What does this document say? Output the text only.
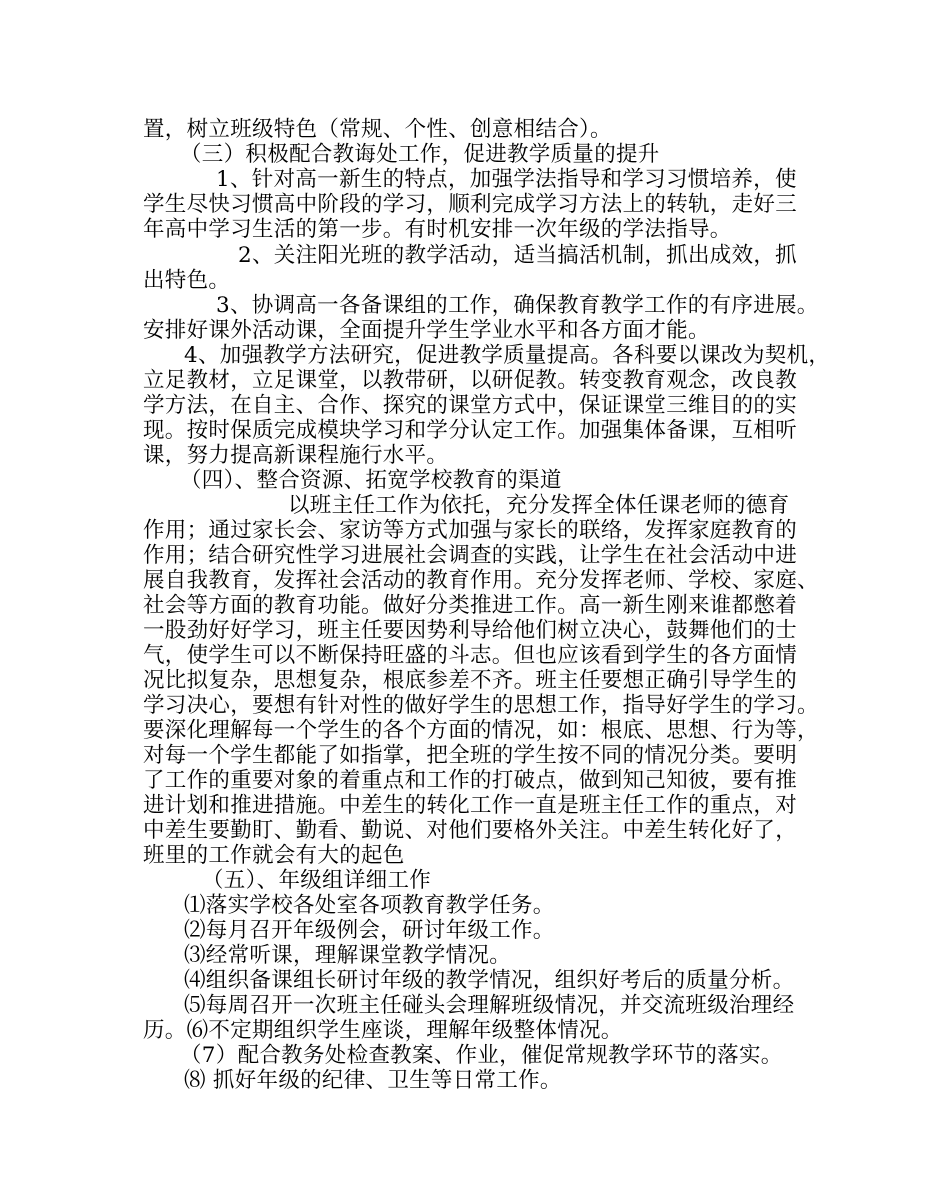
置，树立班级特色（常规、个性、创意相结合）。
（三）积极配合教诲处工作，促进教学质量的提升
1、针对高一新生的特点，加强学法指导和学习习惯培养，使
学生尽快习惯高中阶段的学习，顺利完成学习方法上的转轨，走好三
年高中学习生活的第一步。有时机安排一次年级的学法指导。
2、关注阳光班的教学活动，适当搞活机制，抓出成效，抓
出特色。
3、协调高一各备课组的工作，确保教育教学工作的有序进展。
安排好课外活动课，全面提升学生学业水平和各方面才能。
4、加强教学方法研究，促进教学质量提高。各科要以课改为契机，
立足教材，立足课堂，以教带研，以研促教。转变教育观念，改良教
学方法，在自主、合作、探究的课堂方式中，保证课堂三维目的的实
现。按时保质完成模块学习和学分认定工作。加强集体备课，互相听
课，努力提高新课程施行水平。
（四）、整合资源、拓宽学校教育的渠道
以班主任工作为依托，充分发挥全体任课老师的德育
作用；通过家长会、家访等方式加强与家长的联络，发挥家庭教育的
作用；结合研究性学习进展社会调查的实践，让学生在社会活动中进
展自我教育，发挥社会活动的教育作用。充分发挥老师、学校、家庭、
社会等方面的教育功能。做好分类推进工作。高一新生刚来谁都憋着
一股劲好好学习，班主任要因势利导给他们树立决心，鼓舞他们的士
气，使学生可以不断保持旺盛的斗志。但也应该看到学生的各方面情
况比拟复杂，思想复杂，根底参差不齐。班主任要想正确引导学生的
学习决心，要想有针对性的做好学生的思想工作，指导好学生的学习。
要深化理解每一个学生的各个方面的情况，如：根底、思想、行为等，
对每一个学生都能了如指掌，把全班的学生按不同的情况分类。要明
了工作的重要对象的着重点和工作的打破点，做到知己知彼，要有推
进计划和推进措施。中差生的转化工作一直是班主任工作的重点，对
中差生要勤盯、勤看、勤说、对他们要格外关注。中差生转化好了，
班里的工作就会有大的起色
（五）、年级组详细工作
⑴落实学校各处室各项教育教学任务。
⑵每月召开年级例会，研讨年级工作。
⑶经常听课，理解课堂教学情况。
⑷组织备课组长研讨年级的教学情况，组织好考后的质量分析。
⑸每周召开一次班主任碰头会理解班级情况，并交流班级治理经
历。⑹不定期组织学生座谈，理解年级整体情况。
（7）配合教务处检查教案、作业，催促常规教学环节的落实。
⑻ 抓好年级的纪律、卫生等日常工作。
